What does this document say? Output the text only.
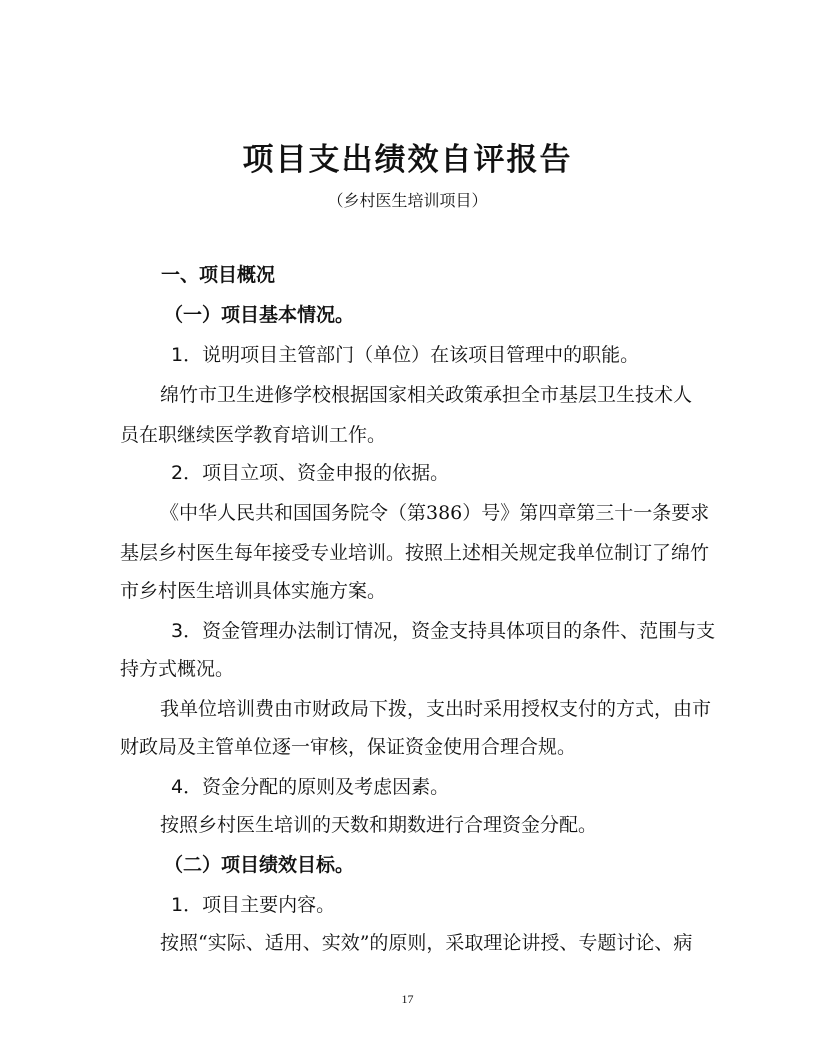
项目支出绩效自评报告

（乡村医生培训项目）

一、项目概况

（一）项目基本情况。

1．说明项目主管部门（单位）在该项目管理中的职能。

绵竹市卫生进修学校根据国家相关政策承担全市基层卫生技术人

员在职继续医学教育培训工作。

2．项目立项、资金申报的依据。

《中华人民共和国国务院令（第386）号》第四章第三十一条要求

基层乡村医生每年接受专业培训。按照上述相关规定我单位制订了绵竹

市乡村医生培训具体实施方案。

3．资金管理办法制订情况，资金支持具体项目的条件、范围与支

持方式概况。

我单位培训费由市财政局下拨，支出时采用授权支付的方式，由市

财政局及主管单位逐一审核，保证资金使用合理合规。

4．资金分配的原则及考虑因素。

按照乡村医生培训的天数和期数进行合理资金分配。

（二）项目绩效目标。

1．项目主要内容。

按照“实际、适用、实效”的原则，采取理论讲授、专题讨论、病

17
